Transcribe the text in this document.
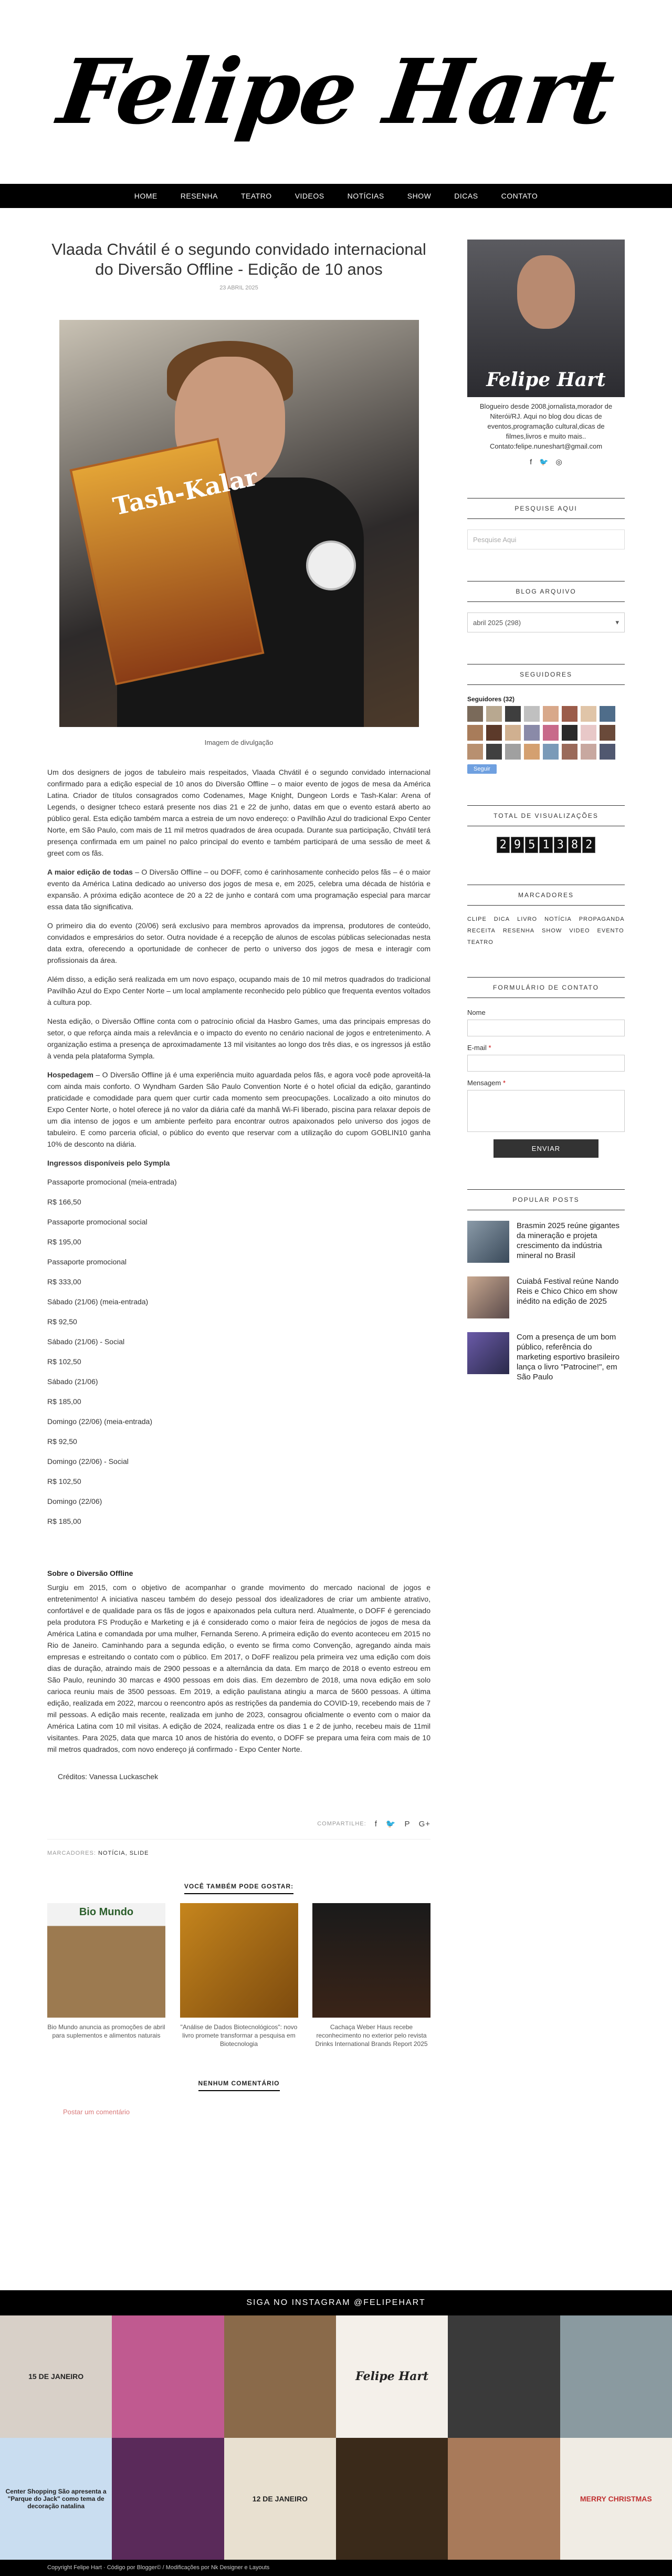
Felipe Hart
HOME	RESENHA	TEATRO	VIDEOS	NOTÍCIAS	SHOW	DICAS	CONTATO
Vlaada Chvátil é o segundo convidado internacional do Diversão Offline - Edição de 10 anos
23 ABRIL 2025
Tash-Kalar
Imagem de divulgação

Um dos designers de jogos de tabuleiro mais respeitados, Vlaada Chvátil é o segundo convidado internacional confirmado para a edição especial de 10 anos do Diversão Offline – o maior evento de jogos de mesa da América Latina. Criador de títulos consagrados como Codenames, Mage Knight, Dungeon Lords e Tash-Kalar: Arena of Legends, o designer tcheco estará presente nos dias 21 e 22 de junho, datas em que o evento estará aberto ao público geral. Esta edição também marca a estreia de um novo endereço: o Pavilhão Azul do tradicional Expo Center Norte, em São Paulo, com mais de 11 mil metros quadrados de área ocupada. Durante sua participação, Chvátil terá presença confirmada em um painel no palco principal do evento e também participará de uma sessão de meet & greet com os fãs.

A maior edição de todas – O Diversão Offline – ou DOFF, como é carinhosamente conhecido pelos fãs – é o maior evento da América Latina dedicado ao universo dos jogos de mesa e, em 2025, celebra uma década de história e expansão. A próxima edição acontece de 20 a 22 de junho e contará com uma programação especial para marcar essa data tão significativa.

O primeiro dia do evento (20/06) será exclusivo para membros aprovados da imprensa, produtores de conteúdo, convidados e empresários do setor. Outra novidade é a recepção de alunos de escolas públicas selecionadas nesta data extra, oferecendo a oportunidade de conhecer de perto o universo dos jogos de mesa e interagir com profissionais da área.

Além disso, a edição será realizada em um novo espaço, ocupando mais de 10 mil metros quadrados do tradicional Pavilhão Azul do Expo Center Norte – um local amplamente reconhecido pelo público que frequenta eventos voltados à cultura pop.

Nesta edição, o Diversão Offline conta com o patrocínio oficial da Hasbro Games, uma das principais empresas do setor, o que reforça ainda mais a relevância e o impacto do evento no cenário nacional de jogos e entretenimento. A organização estima a presença de aproximadamente 13 mil visitantes ao longo dos três dias, e os ingressos já estão à venda pela plataforma Sympla.

Hospedagem – O Diversão Offline já é uma experiência muito aguardada pelos fãs, e agora você pode aproveitá-la com ainda mais conforto. O Wyndham Garden São Paulo Convention Norte é o hotel oficial da edição, garantindo praticidade e comodidade para quem quer curtir cada momento sem preocupações. Localizado a oito minutos do Expo Center Norte, o hotel oferece já no valor da diária café da manhã Wi-Fi liberado, piscina para relaxar depois de um dia intenso de jogos e um ambiente perfeito para encontrar outros apaixonados pelo universo dos jogos de tabuleiro. E como parceria oficial, o público do evento que reservar com a utilização do cupom GOBLIN10 ganha 10% de desconto na diária.

Ingressos disponíveis pelo Sympla

Passaporte promocional (meia-entrada)

R$ 166,50

Passaporte promocional social

R$ 195,00

Passaporte promocional

R$ 333,00

Sábado (21/06) (meia-entrada)

R$ 92,50

Sábado (21/06) - Social

R$ 102,50

Sábado (21/06)

R$ 185,00

Domingo (22/06) (meia-entrada)

R$ 92,50

Domingo (22/06) - Social

R$ 102,50

Domingo (22/06)

R$ 185,00

Sobre o Diversão Offline

Surgiu em 2015, com o objetivo de acompanhar o grande movimento do mercado nacional de jogos e entretenimento! A iniciativa nasceu também do desejo pessoal dos idealizadores de criar um ambiente atrativo, confortável e de qualidade para os fãs de jogos e apaixonados pela cultura nerd. Atualmente, o DOFF é gerenciado pela produtora FS Produção e Marketing e já é considerado como o maior feira de negócios de jogos de mesa da América Latina e comandada por uma mulher, Fernanda Sereno. A primeira edição do evento aconteceu em 2015 no Rio de Janeiro. Caminhando para a segunda edição, o evento se firma como Convenção, agregando ainda mais empresas e estreitando o contato com o público. Em 2017, o DoFF realizou pela primeira vez uma edição com dois dias de duração, atraindo mais de 2900 pessoas e a alternância da data. Em março de 2018 o evento estreou em São Paulo, reunindo 30 marcas e 4900 pessoas em dois dias. Em dezembro de 2018, uma nova edição em solo carioca reuniu mais de 3500 pessoas. Em 2019, a edição paulistana atingiu a marca de 5600 pessoas. A última edição, realizada em 2022, marcou o reencontro após as restrições da pandemia do COVID-19, recebendo mais de 7 mil pessoas. A edição mais recente, realizada em junho de 2023, consagrou oficialmente o evento com o maior da América Latina com 10 mil visitas. A edição de 2024, realizada entre os dias 1 e 2 de junho, recebeu mais de 11mil visitantes. Para 2025, data que marca 10 anos de história do evento, o DOFF se prepara uma feira com mais de 10 mil metros quadrados, com novo endereço já confirmado - Expo Center Norte.

Créditos: Vanessa Luckaschek

COMPARTILHE: f 🐦 P G+
MARCADORES: NOTÍCIA, SLIDE
VOCÊ TAMBÉM PODE GOSTAR:
Bio Mundo

Bio Mundo anuncia as promoções de abril para suplementos e alimentos naturais

"Análise de Dados Biotecnológicos": novo livro promete transformar a pesquisa em Biotecnologia

Cachaça Weber Haus recebe reconhecimento no exterior pelo revista Drinks International Brands Report 2025

NENHUM COMENTÁRIO
Postar um comentário
Felipe Hart
Blogueiro desde 2008,jornalista,morador de Niterói/RJ. Aqui no blog dou dicas de eventos,programação cultural,dicas de filmes,livros e muito mais.. Contato:felipe.nuneshart@gmail.com
f 🐦 ◎
PESQUISE AQUI
Pesquise Aqui
BLOG ARQUIVO
abril 2025 (298)	▾
SEGUIDORES
Seguidores (32)
Seguir
TOTAL DE VISUALIZAÇÕES
2 9 5 1 3 8 2
MARCADORES
CLIPE DICA LIVRO NOTÍCIA PROPAGANDA
RECEITA RESENHA SHOW VIDEO EVENTO
TEATRO
FORMULÁRIO DE CONTATO
Nome
E-mail *
Mensagem *
ENVIAR
POPULAR POSTS

Brasmin 2025 reúne gigantes da mineração e projeta crescimento da indústria mineral no Brasil

Cuiabá Festival reúne Nando Reis e Chico Chico em show inédito na edição de 2025

Com a presença de um bom público, referência do marketing esportivo brasileiro lança o livro "Patrocine!", em São Paulo

SIGA NO INSTAGRAM @FELIPEHART
15 DE JANEIRO	Felipe Hart
Center Shopping São apresenta a "Parque do Jack" como tema de decoração natalina
12 DE JANEIRO	MERRY CHRISTMAS
Copyright Felipe Hart · Código por Blogger© / Modificações por Nk Designer e Layouts
